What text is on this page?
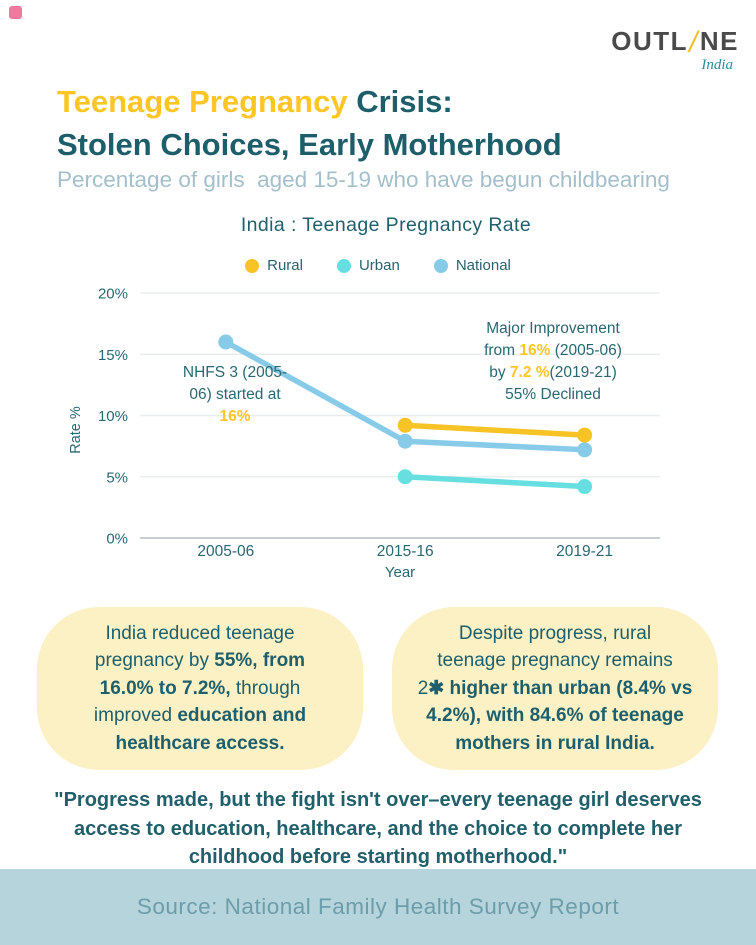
OUTL/NE
India
Teenage Pregnancy Crisis:
Stolen Choices, Early Motherhood
Percentage of girls  aged 15-19 who have begun childbearing
India : Teenage Pregnancy Rate
Rural	Urban	National
0%
5%
10%
15%
20%
2005-06	2015-16	2019-21
Year
Rate %
NHFS 3 (2005-
06) started at
16%
Major Improvement
from 16% (2005-06)
by 7.2 %(2019-21)
55% Declined
India reduced teenage
pregnancy by 55%, from
16.0% to 7.2%, through
improved education and
healthcare access.
Despite progress, rural
teenage pregnancy remains
2✱ higher than urban (8.4% vs
4.2%), with 84.6% of teenage
mothers in rural India.
"Progress made, but the fight isn't over–every teenage girl deserves
access to education, healthcare, and the choice to complete her
childhood before starting motherhood."
Source: National Family Health Survey Report
